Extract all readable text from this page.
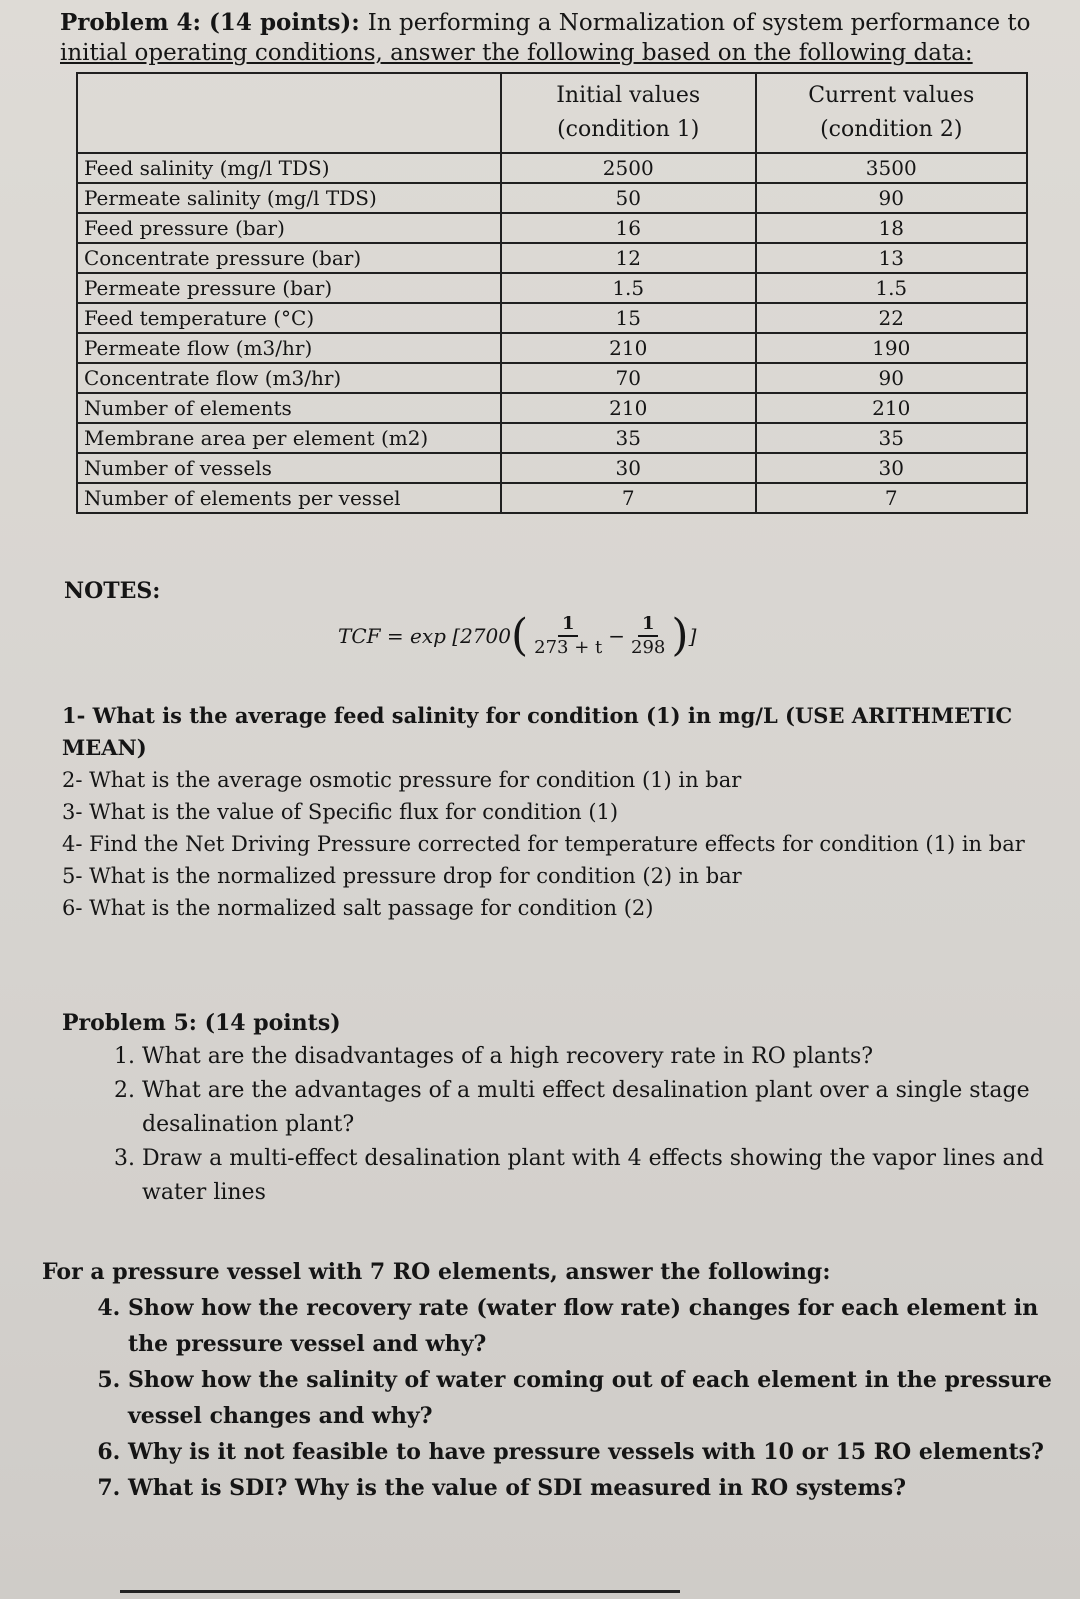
Problem 4: (14 points): In performing a Normalization of system performance to
initial operating conditions, answer the following based on the following data:
	Initial values (condition 1)	Current values (condition 2)
Feed salinity (mg/l TDS)	2500	3500
Permeate salinity (mg/l TDS)	50	90
Feed pressure (bar)	16	18
Concentrate pressure (bar)	12	13
Permeate pressure (bar)	1.5	1.5
Feed temperature (°C)	15	22
Permeate flow (m3/hr)	210	190
Concentrate flow (m3/hr)	70	90
Number of elements	210	210
Membrane area per element (m2)	35	35
Number of vessels	30	30
Number of elements per vessel	7	7
NOTES:
TCF = exp [2700 ( $\frac{1}{273 + t} - \frac{1}{298}$ ) ]

1- What is the average feed salinity for condition (1) in mg/L (USE ARITHMETIC MEAN)

2- What is the average osmotic pressure for condition (1) in bar

3- What is the value of Specific flux for condition (1)

4- Find the Net Driving Pressure corrected for temperature effects for condition (1) in bar

5- What is the normalized pressure drop for condition (2) in bar

6- What is the normalized salt passage for condition (2)

Problem 5: (14 points)
1. What are the disadvantages of a high recovery rate in RO plants?
2. What are the advantages of a multi effect desalination plant over a single stage desalination plant?
3. Draw a multi-effect desalination plant with 4 effects showing the vapor lines and water lines
For a pressure vessel with 7 RO elements, answer the following:
4. Show how the recovery rate (water flow rate) changes for each element in the pressure vessel and why?
5. Show how the salinity of water coming out of each element in the pressure vessel changes and why?
6. Why is it not feasible to have pressure vessels with 10 or 15 RO elements?
7. What is SDI? Why is the value of SDI measured in RO systems?
